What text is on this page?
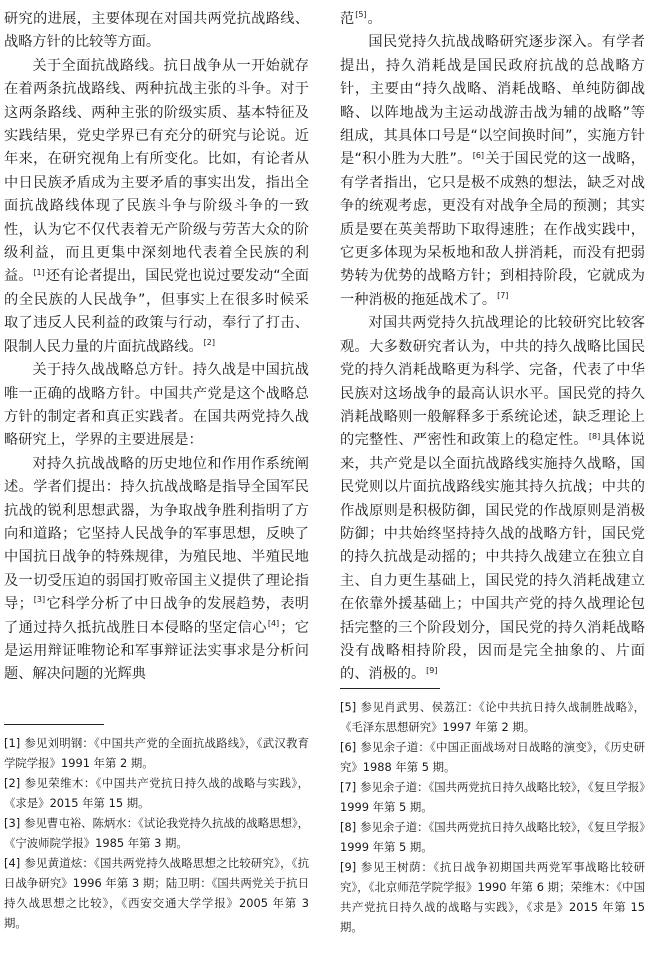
研究的进展，主要体现在对国共两党抗战路线、战略方针的比较等方面。

关于全面抗战路线。抗日战争从一开始就存在着两条抗战路线、两种抗战主张的斗争。对于这两条路线、两种主张的阶级实质、基本特征及实践结果，党史学界已有充分的研究与论说。近年来，在研究视角上有所变化。比如，有论者从中日民族矛盾成为主要矛盾的事实出发，指出全面抗战路线体现了民族斗争与阶级斗争的一致性，认为它不仅代表着无产阶级与劳苦大众的阶级利益，而且更集中深刻地代表着全民族的利益。[1]还有论者提出，国民党也说过要发动“全面的全民族的人民战争”，但事实上在很多时候采取了违反人民利益的政策与行动，奉行了打击、限制人民力量的片面抗战路线。[2]

关于持久战战略总方针。持久战是中国抗战唯一正确的战略方针。中国共产党是这个战略总方针的制定者和真正实践者。在国共两党持久战略研究上，学界的主要进展是：

对持久抗战战略的历史地位和作用作系统阐述。学者们提出：持久抗战战略是指导全国军民抗战的锐利思想武器，为争取战争胜利指明了方向和道路；它坚持人民战争的军事思想，反映了中国抗日战争的特殊规律，为殖民地、半殖民地及一切受压迫的弱国打败帝国主义提供了理论指导；[3]它科学分析了中日战争的发展趋势，表明了通过持久抵抗战胜日本侵略的坚定信心[4]；它是运用辩证唯物论和军事辩证法实事求是分析问题、解决问题的光辉典

范[5]。

国民党持久抗战战略研究逐步深入。有学者提出，持久消耗战是国民政府抗战的总战略方针，主要由“持久战略、消耗战略、单纯防御战略、以阵地战为主运动战游击战为辅的战略”等组成，其具体口号是“以空间换时间”，实施方针是“积小胜为大胜”。[6]关于国民党的这一战略，有学者指出，它只是极不成熟的想法，缺乏对战争的统观考虑，更没有对战争全局的预测；其实质是要在英美帮助下取得速胜；在作战实践中，它更多体现为呆板地和敌人拼消耗，而没有把弱势转为优势的战略方针；到相持阶段，它就成为一种消极的拖延战术了。[7]

对国共两党持久抗战理论的比较研究比较客观。大多数研究者认为，中共的持久战略比国民党的持久消耗战略更为科学、完备，代表了中华民族对这场战争的最高认识水平。国民党的持久消耗战略则一般解释多于系统论述，缺乏理论上的完整性、严密性和政策上的稳定性。[8]具体说来，共产党是以全面抗战路线实施持久战略，国民党则以片面抗战路线实施其持久抗战；中共的作战原则是积极防御，国民党的作战原则是消极防御；中共始终坚持持久战的战略方针，国民党的持久抗战是动摇的；中共持久战建立在独立自主、自力更生基础上，国民党的持久消耗战建立在依靠外援基础上；中国共产党的持久战理论包括完整的三个阶段划分，国民党的持久消耗战略没有战略相持阶段，因而是完全抽象的、片面的、消极的。[9]

[1] 参见刘明钢：《中国共产党的全面抗战路线》，《武汉教育学院学报》1991 年第 2 期。
[2] 参见荣维木：《中国共产党抗日持久战的战略与实践》，《求是》2015 年第 15 期。
[3] 参见曹屯裕、陈炳水：《试论我党持久抗战的战略思想》，《宁波师院学报》1985 年第 3 期。
[4] 参见黄道炫：《国共两党持久战略思想之比较研究》，《抗日战争研究》1996 年第 3 期；陆卫明：《国共两党关于抗日持久战思想之比较》，《西安交通大学学报》2005 年第 3 期。
[5] 参见肖武男、侯荔江：《论中共抗日持久战制胜战略》，《毛泽东思想研究》1997 年第 2 期。
[6] 参见余子道：《中国正面战场对日战略的演变》，《历史研究》1988 年第 5 期。
[7] 参见余子道：《国共两党抗日持久战略比较》，《复旦学报》1999 年第 5 期。
[8] 参见余子道：《国共两党抗日持久战略比较》，《复旦学报》1999 年第 5 期。
[9] 参见王树荫：《抗日战争初期国共两党军事战略比较研究》，《北京师范学院学报》1990 年第 6 期；荣维木：《中国共产党抗日持久战的战略与实践》，《求是》2015 年第 15 期。
